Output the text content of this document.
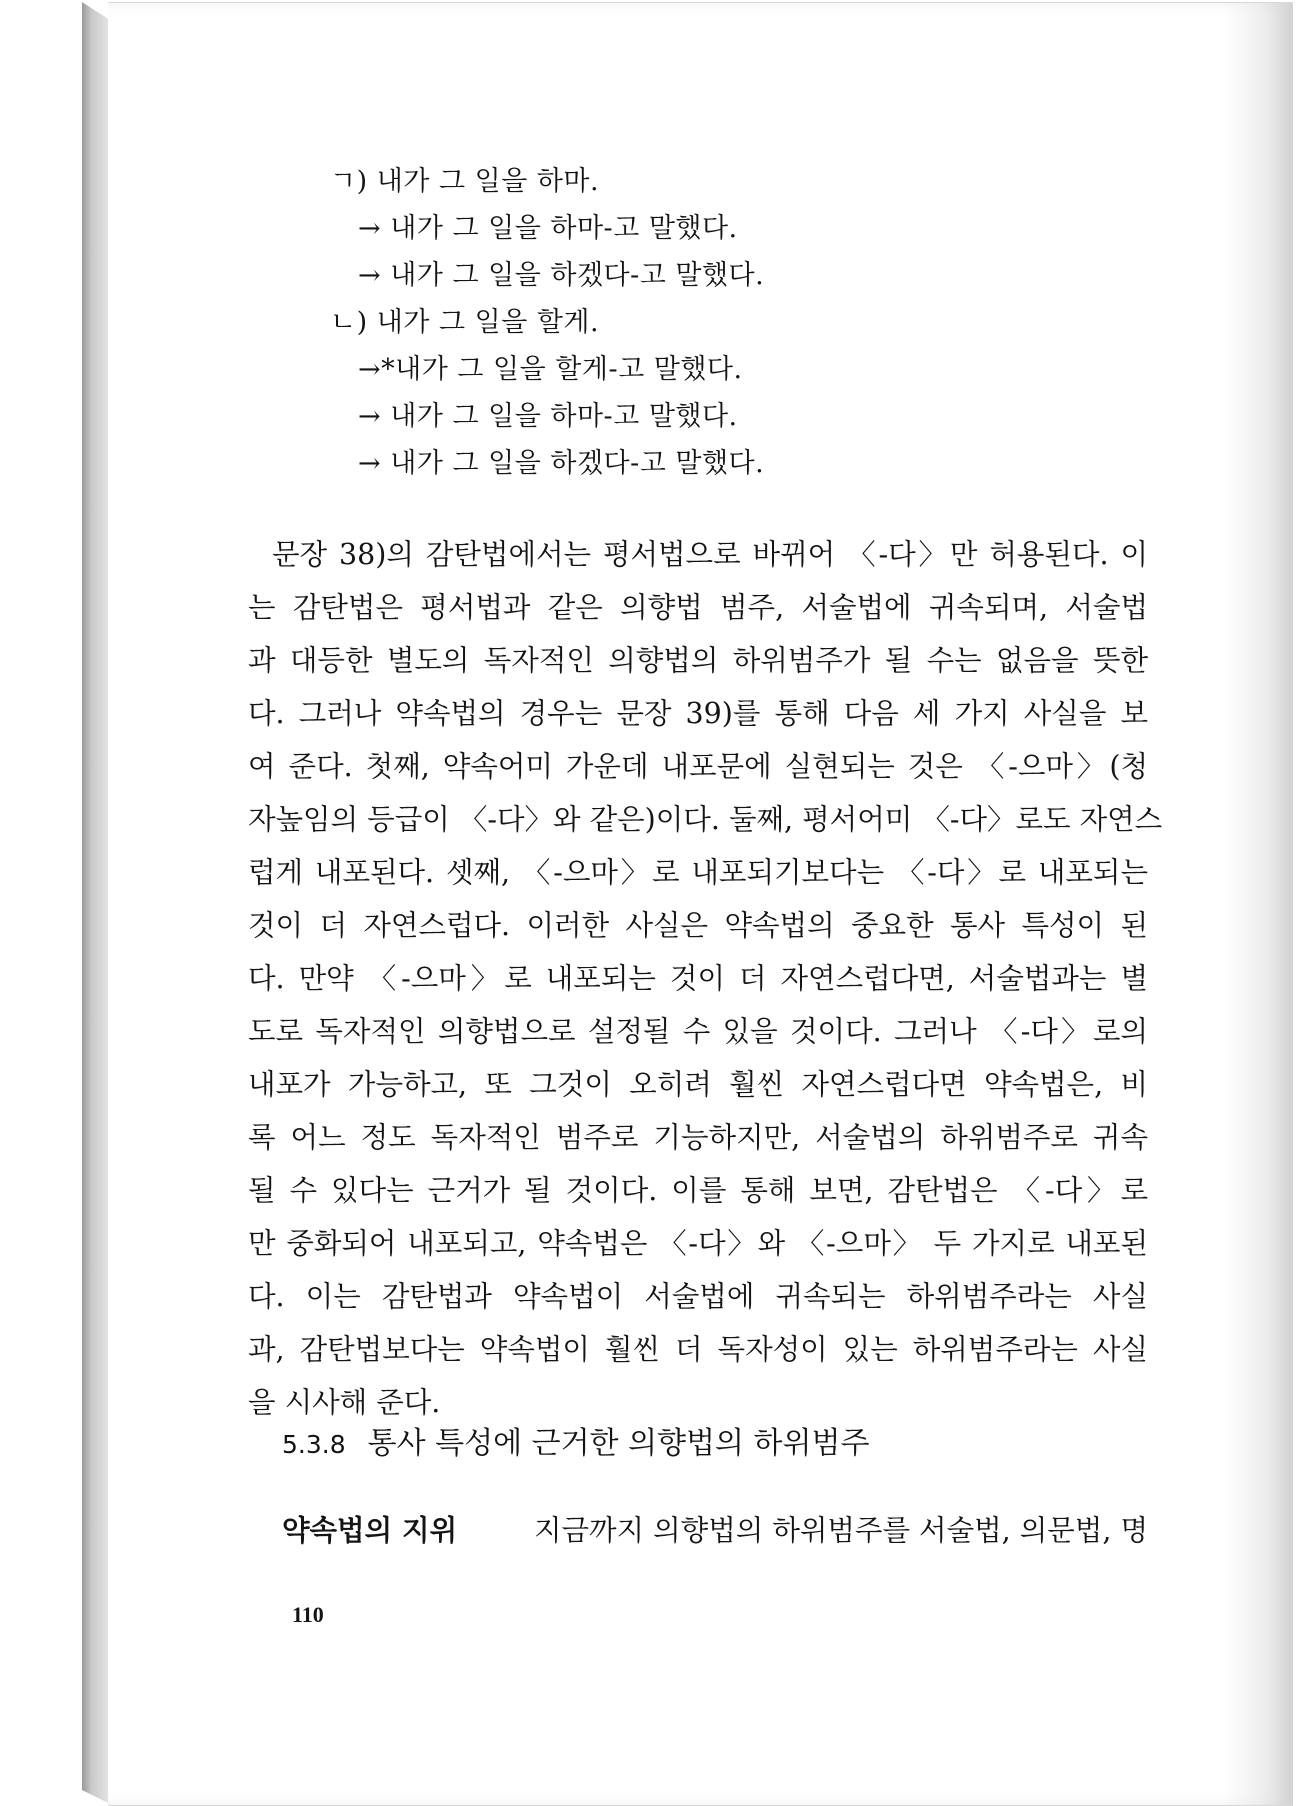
ㄱ) 내가 그 일을 하마.
→ 내가 그 일을 하마-고 말했다.
→ 내가 그 일을 하겠다-고 말했다.
ㄴ) 내가 그 일을 할게.
→*내가 그 일을 할게-고 말했다.
→ 내가 그 일을 하마-고 말했다.
→ 내가 그 일을 하겠다-고 말했다.
문장 38)의 감탄법에서는 평서법으로 바뀌어 〈-다〉만 허용된다. 이
는 감탄법은 평서법과 같은 의향법 범주, 서술법에 귀속되며, 서술법
과 대등한 별도의 독자적인 의향법의 하위범주가 될 수는 없음을 뜻한
다. 그러나 약속법의 경우는 문장 39)를 통해 다음 세 가지 사실을 보
여 준다. 첫째, 약속어미 가운데 내포문에 실현되는 것은 〈-으마〉(청
자높임의 등급이 〈-다〉와 같은)이다. 둘째, 평서어미 〈-다〉로도 자연스
럽게 내포된다. 셋째, 〈-으마〉로 내포되기보다는 〈-다〉로 내포되는
것이 더 자연스럽다. 이러한 사실은 약속법의 중요한 통사 특성이 된
다. 만약 〈-으마〉로 내포되는 것이 더 자연스럽다면, 서술법과는 별
도로 독자적인 의향법으로 설정될 수 있을 것이다. 그러나 〈-다〉로의
내포가 가능하고, 또 그것이 오히려 훨씬 자연스럽다면 약속법은, 비
록 어느 정도 독자적인 범주로 기능하지만, 서술법의 하위범주로 귀속
될 수 있다는 근거가 될 것이다. 이를 통해 보면, 감탄법은 〈-다〉로
만 중화되어 내포되고, 약속법은 〈-다〉와 〈-으마〉 두 가지로 내포된
다. 이는 감탄법과 약속법이 서술법에 귀속되는 하위범주라는 사실
과, 감탄법보다는 약속법이 훨씬 더 독자성이 있는 하위범주라는 사실
을 시사해 준다.
5.3.8 통사 특성에 근거한 의향법의 하위범주
약속법의 지위	지금까지 의향법의 하위범주를 서술법, 의문법, 명
110
